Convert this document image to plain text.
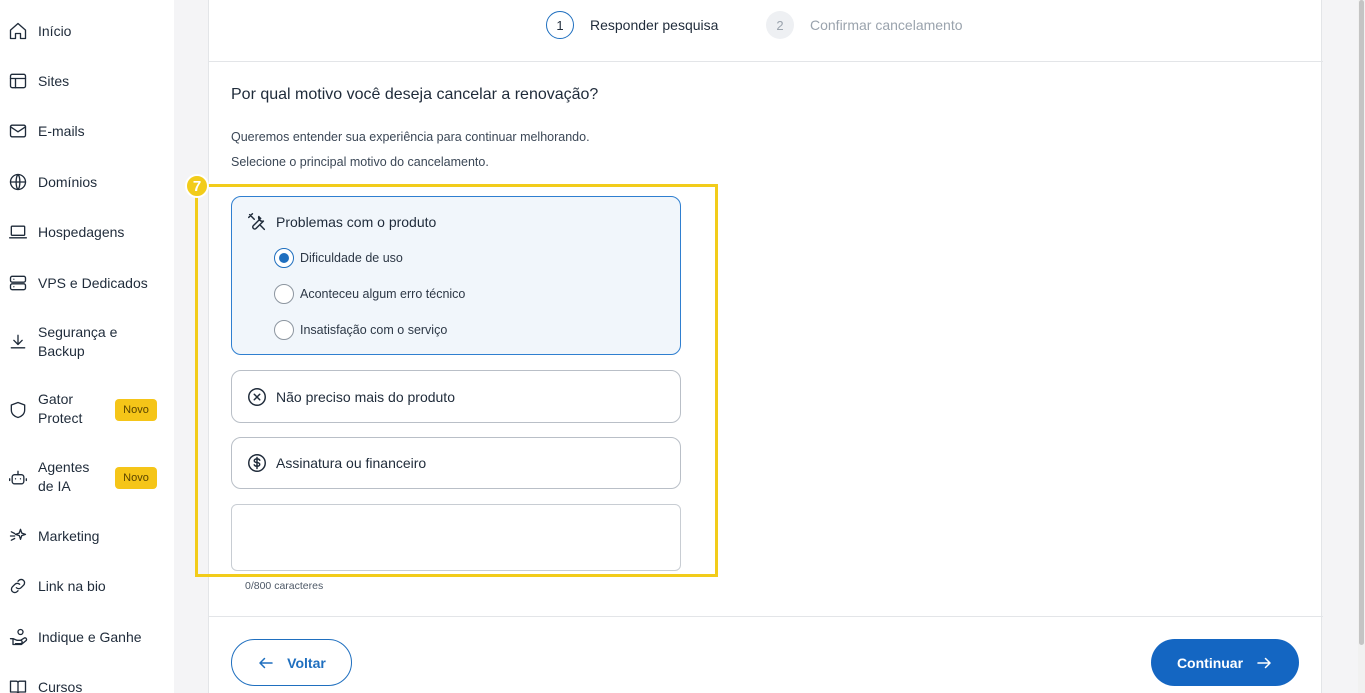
Início
Sites
E-mails
Domínios
Hospedagens
VPS e Dedicados
Segurança e Backup
Gator Protect	Novo
Agentes de IA	Novo
Marketing
Link na bio
Indique e Ganhe
Cursos
1	Responder pesquisa	2	Confirmar cancelamento
Por qual motivo você deseja cancelar a renovação?

Queremos entender sua experiência para continuar melhorando.

Selecione o principal motivo do cancelamento.

7
Problemas com o produto
Dificuldade de uso
Aconteceu algum erro técnico
Insatisfação com o serviço
Não preciso mais do produto
Assinatura ou financeiro
0/800 caracteres
Voltar	Continuar
